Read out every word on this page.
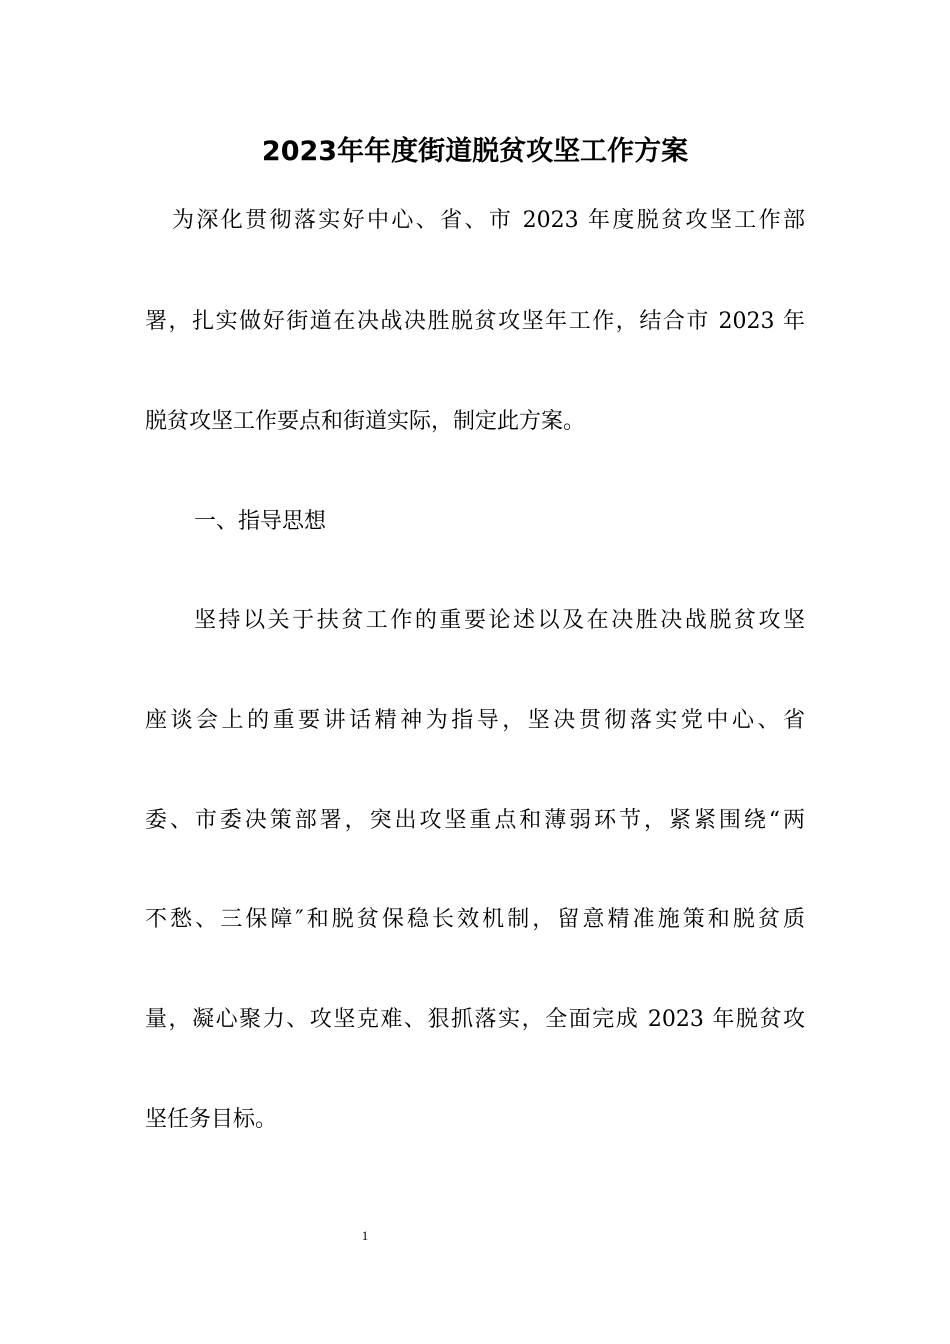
2023年年度街道脱贫攻坚工作方案
为深化贯彻落实好中心、省、市 2023 年度脱贫攻坚工作部
署，扎实做好街道在决战决胜脱贫攻坚年工作，结合市 2023 年
脱贫攻坚工作要点和街道实际，制定此方案。
一、指导思想
坚持以关于扶贫工作的重要论述以及在决胜决战脱贫攻坚
座谈会上的重要讲话精神为指导，坚决贯彻落实党中心、省
委、市委决策部署，突出攻坚重点和薄弱环节，紧紧围绕“两
不愁、三保障″和脱贫保稳长效机制，留意精准施策和脱贫质
量，凝心聚力、攻坚克难、狠抓落实，全面完成 2023 年脱贫攻
坚任务目标。
1
